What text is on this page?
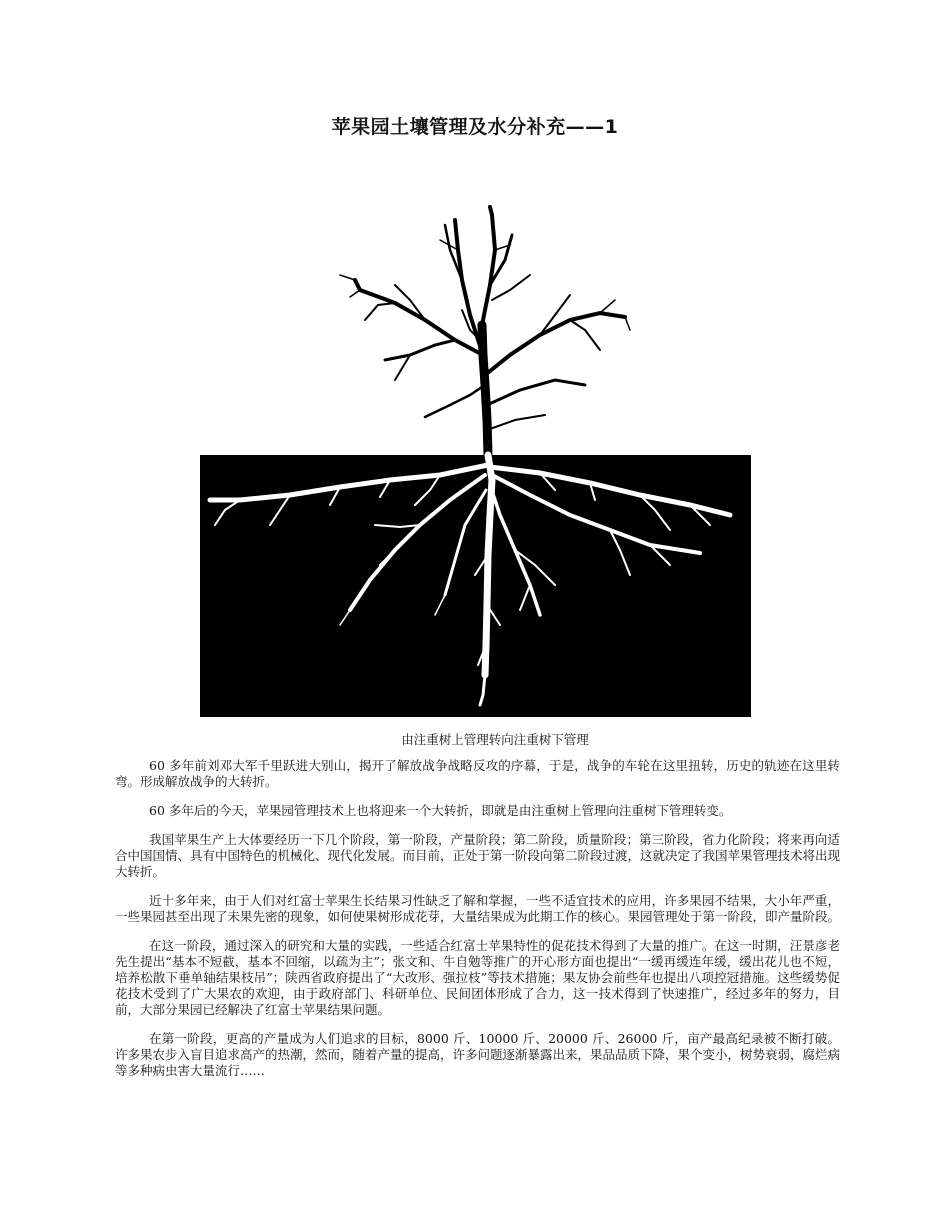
苹果园土壤管理及水分补充——1
由注重树上管理转向注重树下管理

60 多年前刘邓大军千里跃进大别山，揭开了解放战争战略反攻的序幕，于是，战争的车轮在这里扭转，历史的轨迹在这里转弯。形成解放战争的大转折。

60 多年后的今天，苹果园管理技术上也将迎来一个大转折，即就是由注重树上管理向注重树下管理转变。

我国苹果生产上大体要经历一下几个阶段，第一阶段，产量阶段；第二阶段，质量阶段；第三阶段，省力化阶段；将来再向适合中国国情、具有中国特色的机械化、现代化发展。而目前，正处于第一阶段向第二阶段过渡，这就决定了我国苹果管理技术将出现大转折。

近十多年来，由于人们对红富士苹果生长结果习性缺乏了解和掌握，一些不适宜技术的应用，许多果园不结果，大小年严重，一些果园甚至出现了未果先密的现象，如何使果树形成花芽，大量结果成为此期工作的核心。果园管理处于第一阶段，即产量阶段。

在这一阶段，通过深入的研究和大量的实践，一些适合红富士苹果特性的促花技术得到了大量的推广。在这一时期，汪景彦老先生提出“基本不短截，基本不回缩，以疏为主”；张文和、牛自勉等推广的开心形方面也提出“一缓再缓连年缓，缓出花儿也不短，培养松散下垂单轴结果枝吊”；陕西省政府提出了“大改形、强拉枝”等技术措施；果友协会前些年也提出八项控冠措施。这些缓势促花技术受到了广大果农的欢迎，由于政府部门、科研单位、民间团体形成了合力，这一技术得到了快速推广，经过多年的努力，目前，大部分果园已经解决了红富士苹果结果问题。

在第一阶段，更高的产量成为人们追求的目标，8000 斤、10000 斤、20000 斤、26000 斤，亩产最高纪录被不断打破。许多果农步入盲目追求高产的热潮，然而，随着产量的提高，许多问题逐渐暴露出来，果品品质下降，果个变小，树势衰弱，腐烂病等多种病虫害大量流行……
